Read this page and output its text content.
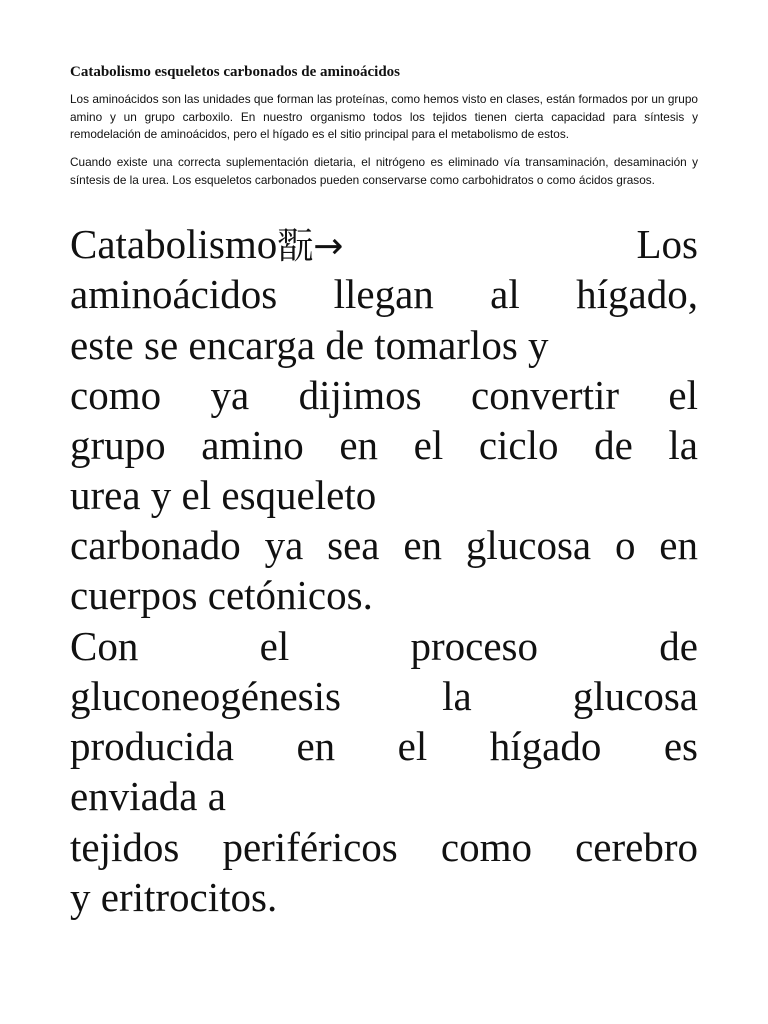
Catabolismo esqueletos carbonados de aminoácidos

Los aminoácidos son las unidades que forman las proteínas, como hemos visto en clases, están formados por un grupo amino y un grupo carboxilo. En nuestro organismo todos los tejidos tienen cierta capacidad para síntesis y remodelación de aminoácidos, pero el hígado es el sitio principal para el metabolismo de estos.

Cuando existe una correcta suplementación dietaria, el nitrógeno es eliminado vía transaminación, desaminación y síntesis de la urea. Los esqueletos carbonados pueden conservarse como carbohidratos o como ácidos grasos.

Catabolismo翫→	Los
aminoácidos llegan al hígado,
este se encarga de tomarlos y
como ya dijimos convertir el
grupo amino en el ciclo de la
urea y el esqueleto
carbonado ya sea en glucosa o en
cuerpos cetónicos.
Con el proceso de
gluconeogénesis la glucosa
producida en el hígado es
enviada a
tejidos periféricos como cerebro
y eritrocitos.
